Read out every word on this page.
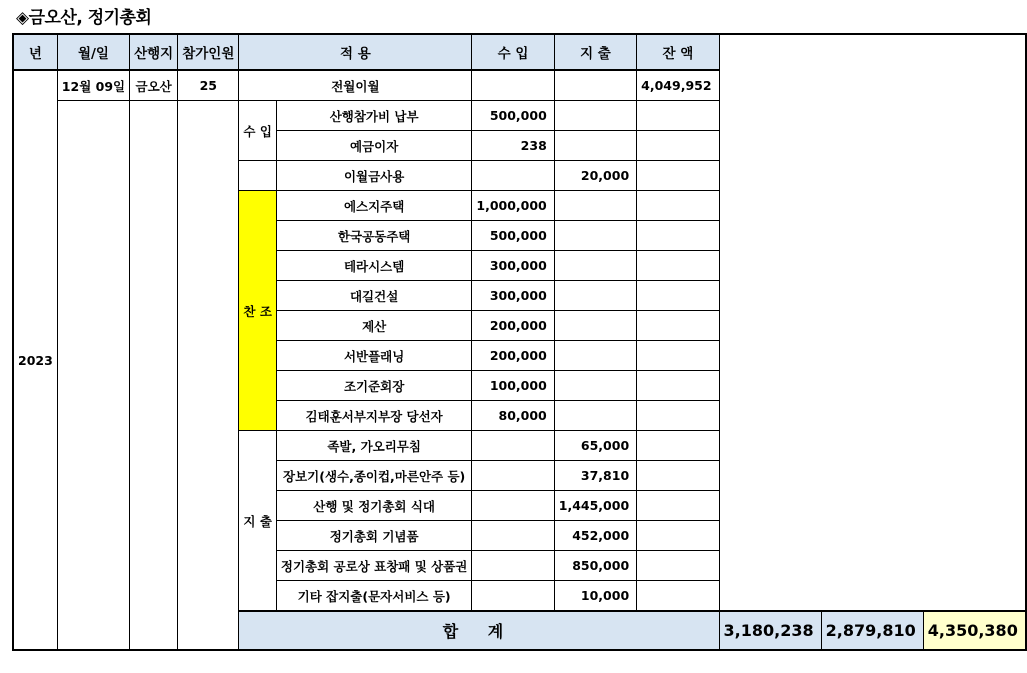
◈금오산, 정기총회
년	월/일	산행지	참가인원	적 용		수 입	지 출	잔 액			
2023	12월 09일	금오산	25	전월이월				4,049,952			
				수 입	산행참가비 납부	500,000					
					예금이자	238					
					이월금사용		20,000				
				찬 조	에스지주택	1,000,000					
					한국공동주택	500,000					
					테라시스템	300,000					
					대길건설	300,000					
					제산	200,000					
					서반플래닝	200,000					
					조기준회장	100,000					
					김태훈서부지부장 당선자	80,000					
				지 출	족발, 가오리무침		65,000				
					장보기(생수,종이컵,마른안주 등)		37,810				
					산행 및 정기총회 식대		1,445,000				
					정기총회 기념품		452,000				
					정기총회 공로상 표창패 및 상품권		850,000				
					기타 잡지출(문자서비스 등)		10,000				
				합 계					3,180,238	2,879,810	4,350,380
